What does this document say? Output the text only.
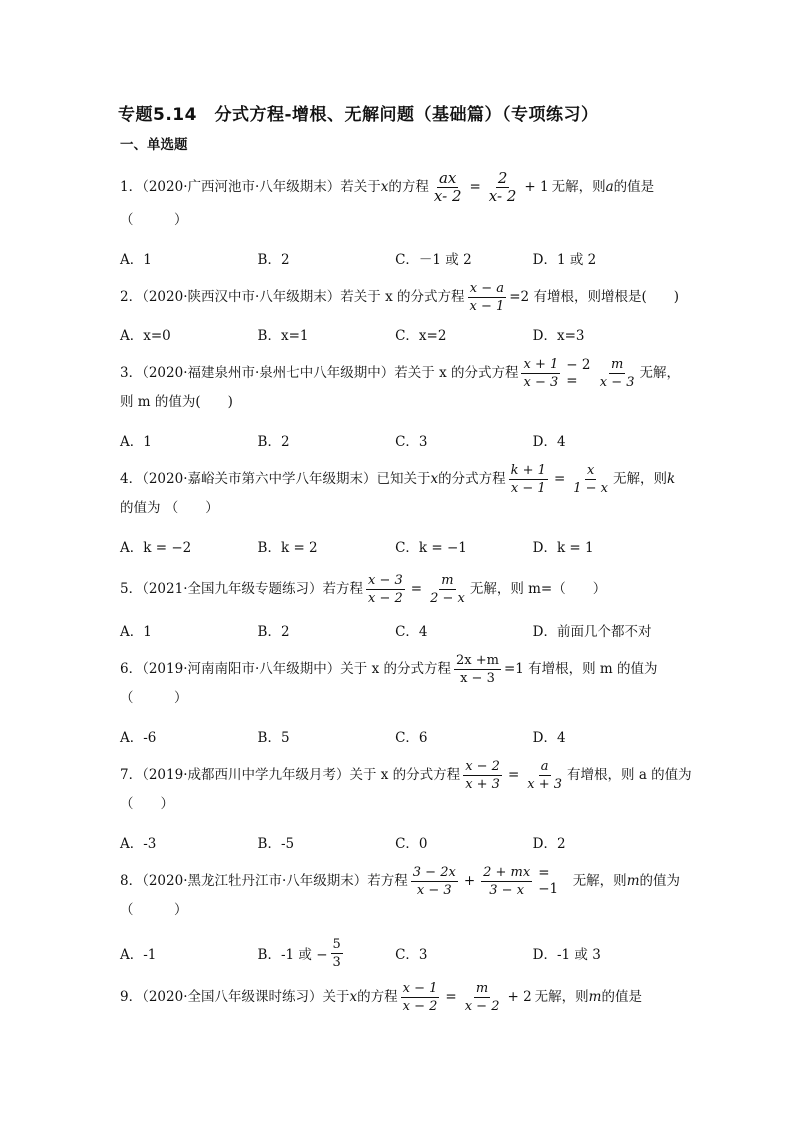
专题5.14　分式方程-增根、无解问题（基础篇）（专项练习）
一、单选题
1．（2020·广西河池市·八年级期末）若关于 x 的方程 $\frac{ax}{x- 2} = \frac{2}{x- 2} + 1$ 无解，则 a 的值是
（　　　）
A．1	B．2	C．－1 或 2	D．1 或 2
2．（2020·陕西汉中市·八年级期末）若关于 x 的分式方程 $\frac{x - a}{x - 1} =2$ 有增根，则增根是(　　)
A．x=0	B．x=1	C．x=2	D．x=3
3．（2020·福建泉州市·泉州七中八年级期中）若关于 x 的分式方程 $\frac{x + 1}{x - 3} - 2$ =	$\frac{m}{x - 3}$ 无解，
则 m 的值为(　　)
A．1	B．2	C．3	D．4
4．（2020·嘉峪关市第六中学八年级期末）已知关于 x 的分式方程 $\frac{k + 1}{x - 1} = \frac{x}{1 - x}$ 无解，则 k
的值为 （　　）
A．k = −2	B．k = 2	C．k = −1	D．k = 1
5．（2021·全国九年级专题练习）若方程 $\frac{x - 3}{x - 2} = \frac{m}{2 - x}$ 无解，则 m=（　　）
A．1	B．2	C．4	D．前面几个都不对
6．（2019·河南南阳市·八年级期中）关于 x 的分式方程 $\frac{2x +m}{x - 3} =1$ 有增根，则 m 的值为
（　　　）
A．-6	B．5	C．6	D．4
7．（2019·成都西川中学九年级月考）关于 x 的分式方程 $\frac{x - 2}{x + 3} = \frac{a}{x + 3}$ 有增根，则 a 的值为
（　　）
A．-3	B．-5	C．0	D．2
8．（2020·黑龙江牡丹江市·八年级期末）若方程 $\frac{3 - 2x}{x - 3} + \frac{2 + mx}{3 - x} = -1$
无解，则 m 的值为
（　　　）
A．-1	B．-1 或 − $\frac{5}{3}$	C．3	D．-1 或 3
9．（2020·全国八年级课时练习）关于 x 的方程 $\frac{x - 1}{x - 2} = \frac{m}{x - 2} + 2$ 无解，则 m 的值是
